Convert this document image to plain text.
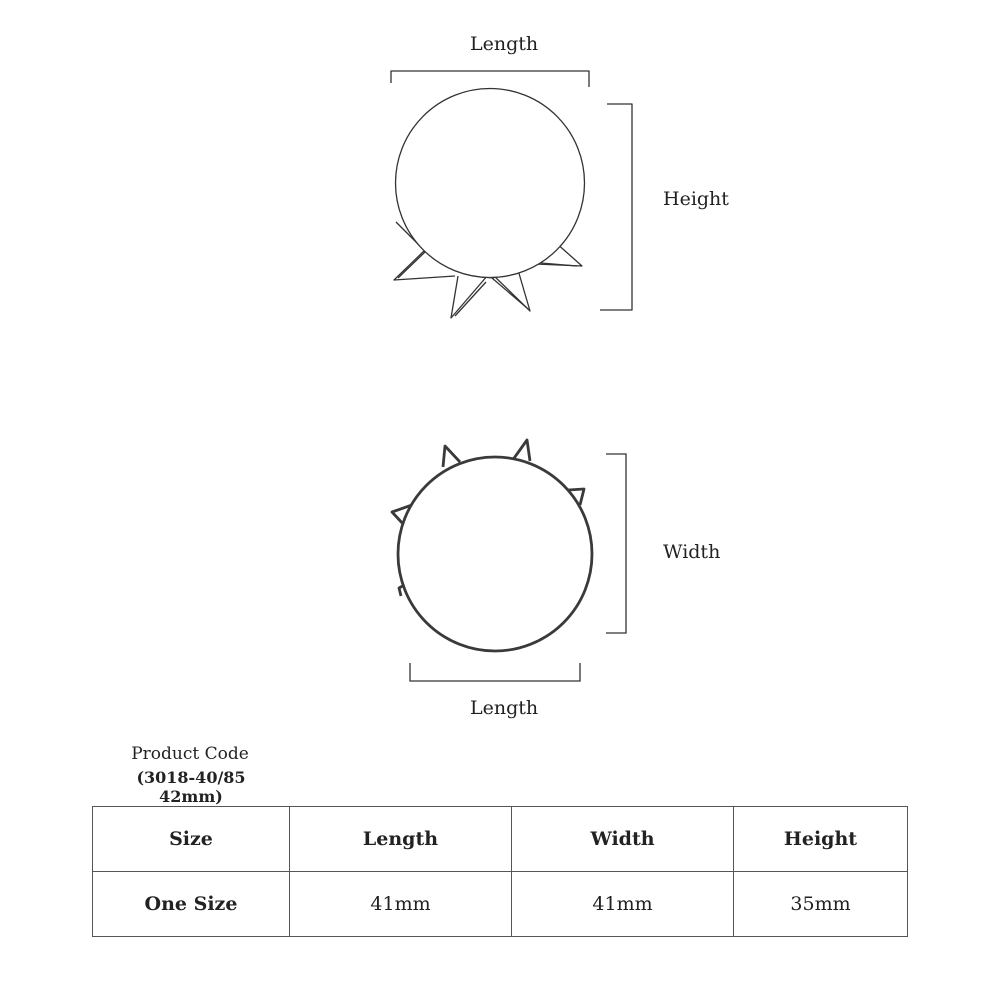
Length
Height
Width
Length
Product Code
(3018-40/85 42mm)
Size	Length	Width	Height
One Size	41mm	41mm	35mm
